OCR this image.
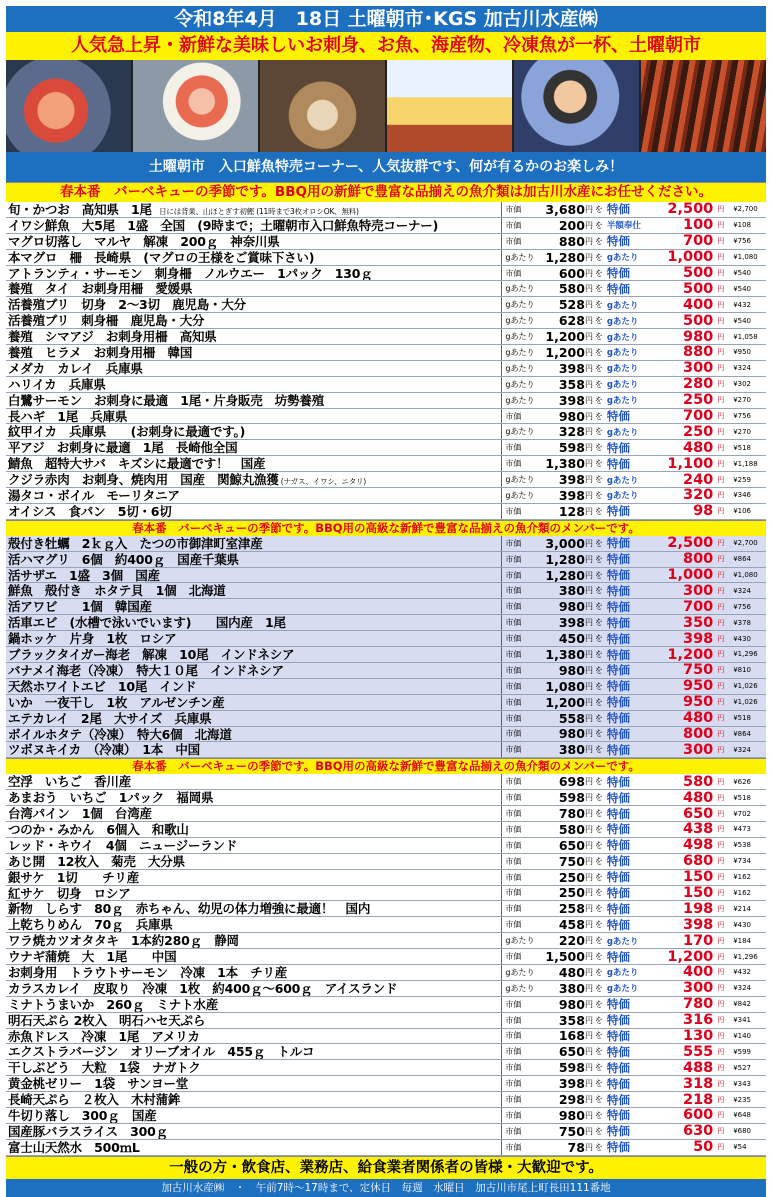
令和8年4月　18日 土曜朝市･KGS 加古川水産㈱
人気急上昇・新鮮な美味しいお刺身、お魚、海産物、冷凍魚が一杯、土曜朝市
土曜朝市　入口鮮魚特売コーナー、人気抜群です、何が有るかのお楽しみ！
春本番　バーベキューの季節です。BBQ用の新鮮で豊富な品揃えの魚介類は加古川水産にお任せください。
旬・かつお　高知県　1尾　日には背業、山ほとぎす初鰹 (11時まで3枚オロシOK、無料)	市価	3,680 円 を 特価	2,500 円	¥2,700
イワシ鮮魚　大5尾　1盛　全国　(9時まで；土曜朝市入口鮮魚特売コーナー)	市価	200 円 を 半額奉仕	100 円	¥108
マグロ切落し　マルヤ　解凍　200ｇ　神奈川県	市価	880 円 を 特価	700 円	¥756
本マグロ　柵　長崎県　(マグロの王様をご賞味下さい)	gあたり 1,280 円 を gあたり	1,000 円	¥1,080
アトランティ・サーモン　刺身柵　ノルウエー　1パック　130ｇ	市価	600 円 を 特価	500 円	¥540
養殖　タイ　お刺身用柵　愛媛県	gあたり	580 円 を 特価	500 円	¥540
活養殖ブリ　切身　2～3切　鹿児島・大分	gあたり	528 円 を gあたり	400 円	¥432
活養殖ブリ　刺身柵　鹿児島・大分	gあたり	628 円 を gあたり	500 円	¥540
養殖　シマアジ　お刺身用柵　高知県	gあたり 1,200 円 を gあたり	980 円	¥1,058
養殖　ヒラメ　お刺身用柵　韓国	gあたり 1,200 円 を gあたり	880 円	¥950
メダカ　カレイ　兵庫県	gあたり	398 円 を gあたり	300 円	¥324
ハリイカ　兵庫県	gあたり	358 円 を gあたり	280 円	¥302
白鷺サーモン　お刺身に最適　1尾・片身販売　坊勢養殖	gあたり	398 円 を gあたり	250 円	¥270
長ハギ　1尾　兵庫県	市価	980 円 を 特価	700 円	¥756
紋甲イカ　兵庫県　　(お刺身に最適です。)	gあたり	328 円 を gあたり	250 円	¥270
平アジ　お刺身に最適　1尾　長崎他全国	市価	598 円 を 特価	480 円	¥518
鯖魚　超特大サバ　キズシに最適です！　国産	市価	1,380 円 を 特価	1,100 円	¥1,188
クジラ赤肉　お刺身、焼肉用　国産　関鯨丸漁獲 (ナガス、イワシ、ニタリ)	gあたり	398 円 を gあたり	240 円	¥259
湯タコ・ボイル　モーリタニア	gあたり	398 円 を gあたり	320 円	¥346
オイシス　食パン　5切・6切	市価	128 円 を 特価	98 円	¥106
春本番　バーベキューの季節です。BBQ用の高級な新鮮で豊富な品揃えの魚介類のメンバーです。
殻付き牡蠣　2ｋｇ入　たつの市御津町室津産	市価	3,000 円 を 特価	2,500 円	¥2,700
活ハマグリ　6個　約400ｇ　国産千葉県	市価	1,280 円 を 特価	800 円	¥864
活サザエ　1盛　3個　国産	市価	1,280 円 を 特価	1,000 円	¥1,080
鮮魚　殻付き　ホタテ貝　1個　北海道	市価	380 円 を 特価	300 円	¥324
活アワビ　　1個　韓国産	市価	980 円 を 特価	700 円	¥756
活車エビ　(水槽で泳いでいます)　　国内産　1尾	市価	398 円 を 特価	350 円	¥378
鍋ホッケ　片身　1枚　ロシア	市価	450 円 を 特価	398 円	¥430
ブラックタイガー海老　解凍　10尾　インドネシア	市価	1,380 円 を 特価	1,200 円	¥1,296
バナメイ海老（冷凍）　特大１０尾　インドネシア	市価	980 円 を 特価	750 円	¥810
天然ホワイトエビ　10尾　インド	市価	1,080 円 を 特価	950 円	¥1,026
いか　一夜干し　1枚　アルゼンチン産	市価	1,200 円 を 特価	950 円	¥1,026
エテカレイ　2尾　大サイズ　兵庫県	市価	558 円 を 特価	480 円	¥518
ボイルホタテ（冷凍）　特大6個　北海道	市価	980 円 を 特価	800 円	¥864
ツボヌキイカ　（冷凍）　1本　中国	市価	380 円 を 特価	300 円	¥324
春本番　バーベキューの季節です。BBQ用の高級な新鮮で豊富な品揃えの魚介類のメンバーです。
空浮　いちご　香川産	市価	698 円 を 特価	580 円	¥626
あまおう　いちご　1パック　福岡県	市価	598 円 を 特価	480 円	¥518
台湾パイン　1個　台湾産	市価	780 円 を 特価	650 円	¥702
つのか・みかん　6個入　和歌山	市価	580 円 を 特価	438 円	¥473
レッド・キウイ　4個　ニュージーランド	市価	650 円 を 特価	498 円	¥538
あじ開　12枚入　菊売　大分県	市価	750 円 を 特価	680 円	¥734
銀サケ　1切　　チリ産	市価	250 円 を 特価	150 円	¥162
紅サケ　切身　ロシア	市価	250 円 を 特価	150 円	¥162
新物　しらす　80ｇ　赤ちゃん、幼児の体力増強に最適！　国内	市価	258 円 を 特価	198 円	¥214
上乾ちりめん　70ｇ　兵庫県	市価	458 円 を 特価	398 円	¥430
ワラ焼カツオタタキ　1本約280ｇ　静岡	gあたり	220 円 を gあたり	170 円	¥184
ウナギ蒲焼　大　1尾　　中国	市価	1,500 円 を 特価	1,200 円	¥1,296
お刺身用　トラウトサーモン　冷凍　1本　チリ産	gあたり	480 円 を gあたり	400 円	¥432
カラスカレイ　皮取り　冷凍　1枚　約400ｇ～600ｇ　アイスランド	gあたり	380 円 を gあたり	300 円	¥324
ミナトうまいか　260ｇ　ミナト水産	市価	980 円 を 特価	780 円	¥842
明石天ぷら 2枚入　明石ハセ天ぷら	市価	358 円 を 特価	316 円	¥341
赤魚ドレス　冷凍　1尾　アメリカ	市価	168 円 を 特価	130 円	¥140
エクストラバージン　オリーブオイル　455ｇ　トルコ	市価	650 円 を 特価	555 円	¥599
干しぶどう　大粒　1袋　ナガトク	市価	598 円 を 特価	488 円	¥527
黄金桃ゼリー　1袋　サンヨー堂	市価	398 円 を 特価	318 円	¥343
長崎天ぷら　２枚入　木村蒲鉾	市価	298 円 を 特価	218 円	¥235
牛切り落し　300ｇ　国産	市価	980 円 を 特価	600 円	¥648
国産豚バラスライス　300ｇ	市価	750 円 を 特価	630 円	¥680
富士山天然水　500ｍL	市価	78 円 を 特価	50 円	¥54
一般の方・飲食店、業務店、給食業者関係者の皆様・大歓迎です。
加古川水産㈱　・　午前7時～17時まで、定休日　毎週　水曜日　加古川市尾上町長田111番地
